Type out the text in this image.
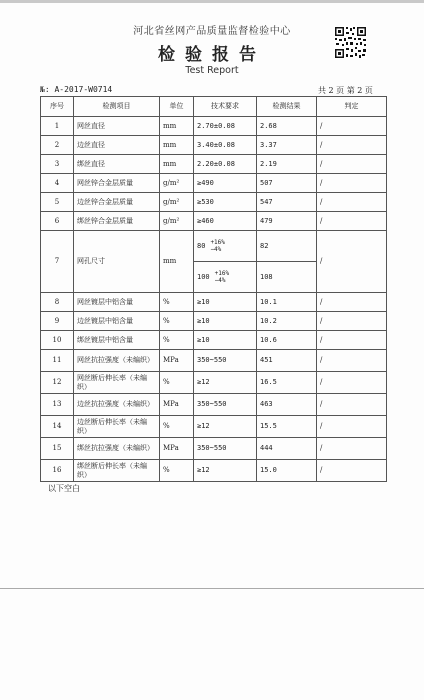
河北省丝网产品质量监督检验中心
检验报告
Test Report
№: A-2017-W0714	共 2 页 第 2 页
序号	检测项目	单位	技术要求	检测结果	判定
1	网丝直径	mm	2.70±0.08	2.68	/
2	边丝直径	mm	3.40±0.08	3.37	/
3	绑丝直径	mm	2.20±0.08	2.19	/
4	网丝锌合金层质量	g/m²	≥490	507	/
5	边丝锌合金层质量	g/m²	≥530	547	/
6	绑丝锌合金层质量	g/m²	≥460	479	/
7	网孔尺寸	mm	80 +16%
−4%	82	/
			100 +16%
−4%	108	
8	网丝镀层中铝含量	%	≥10	10.1	/
9	边丝镀层中铝含量	%	≥10	10.2	/
10	绑丝镀层中铝含量	%	≥10	10.6	/
11	网丝抗拉强度（未编织）	MPa	350~550	451	/
12	网丝断后伸长率（未编织）	%	≥12	16.5	/
13	边丝抗拉强度（未编织）	MPa	350~550	463	/
14	边丝断后伸长率（未编织）	%	≥12	15.5	/
15	绑丝抗拉强度（未编织）	MPa	350~550	444	/
16	绑丝断后伸长率（未编织）	%	≥12	15.0	/
以下空白
